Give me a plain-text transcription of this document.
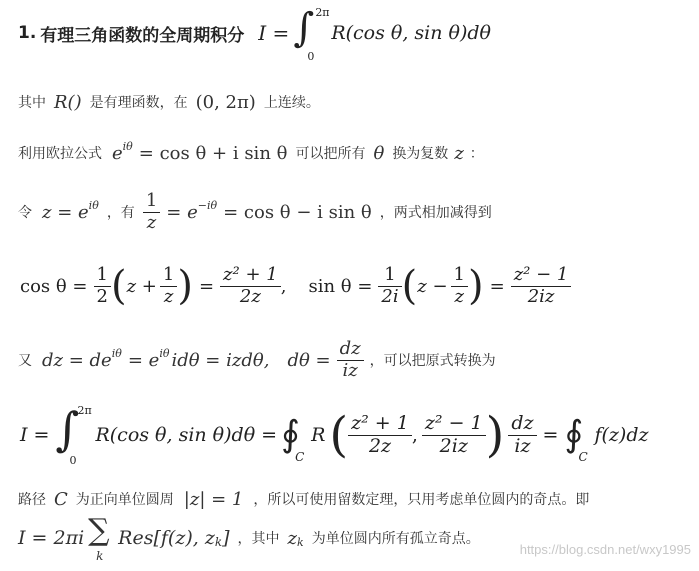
1. 有理三角函数的全周期积分 I = ∫ 2π
0
R(cos θ, sin θ)dθ
其中 R() 是有理函数，在 (0, 2π) 上连续。
利用欧拉公式 $e^{i\theta} = \cos \theta + i$ sin θ 可以把所有 θ 换为复数 z ：
令 $z = e^{i\theta}$ ，有 $\frac{1}{z} = e^{-i\theta} = \cos \theta - i$ sin θ ，两式相加减得到
$\cos \theta = \frac{1}{2}$ ( $z + \frac{1}{z}$ ) = $\frac{\text{z² + 1}}{2z}$ , $\sin \theta = \frac{1}{2i}$ ( $z - \frac{1}{z}$ ) = $\frac{\text{z² − 1}}{2iz}$
又 dz = $de^{i\theta} = e^{i\theta}$ idθ = izdθ, $d\theta = \frac{dz}{iz}$ ，可以把原式转换为
I = ∫
2π
0
R(cos θ, sin θ)dθ = ∮
C
R ( $\frac{\text{z² + 1}}{2z}$ , $\frac{\text{z² − 1}}{2iz}$ ) $\frac{dz}{iz}$ = ∮
C
f(z)dz
路径 C 为正向单位圆周 |z| = 1 ，所以可使用留数定理，只用考虑单位圆内的奇点。即
I = 2πi ∑
k
Res[f(z), $z_k$ ] ，其中 $z_k$ 为单位圆内所有孤立奇点。
https://blog.csdn.net/wxy1995
